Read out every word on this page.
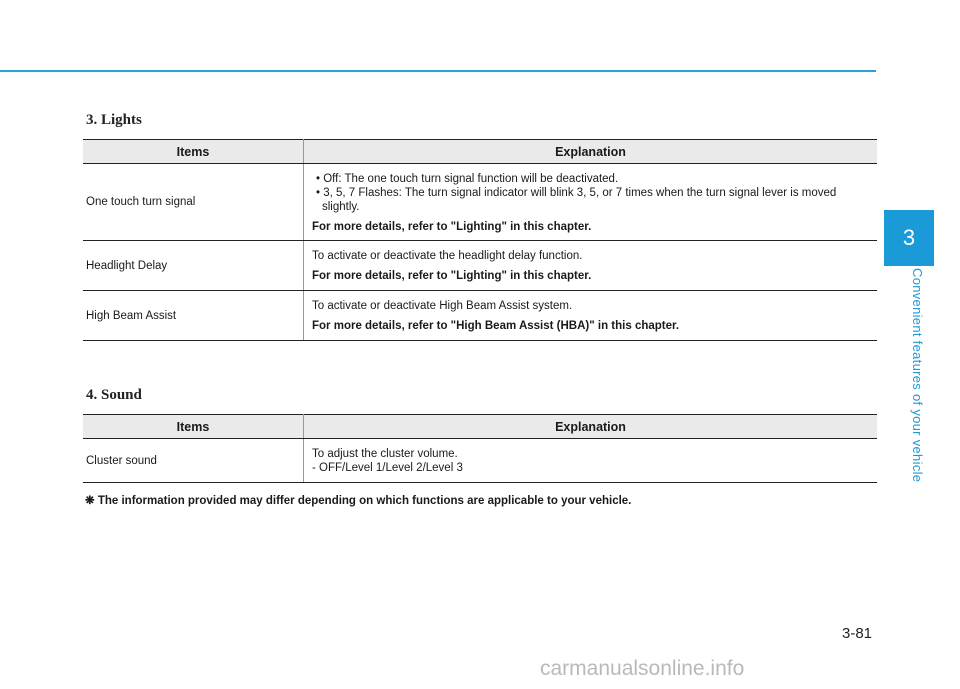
3
Convenient features of your vehicle
3. Lights
Items	Explanation
One touch turn signal	• Off: The one touch turn signal function will be deactivated.
• 3, 5, 7 Flashes: The turn signal indicator will blink 3, 5, or 7 times when the turn signal lever is moved slightly.
For more details, refer to "Lighting" in this chapter.

Headlight Delay	To activate or deactivate the headlight delay function.
For more details, refer to "Lighting" in this chapter.

High Beam Assist	To activate or deactivate High Beam Assist system.
For more details, refer to "High Beam Assist (HBA)" in this chapter.
4. Sound
Items	Explanation
Cluster sound	To adjust the cluster volume.
- OFF/Level 1/Level 2/Level 3
❋ The information provided may differ depending on which functions are applicable to your vehicle.
3-81
carmanualsonline.info
